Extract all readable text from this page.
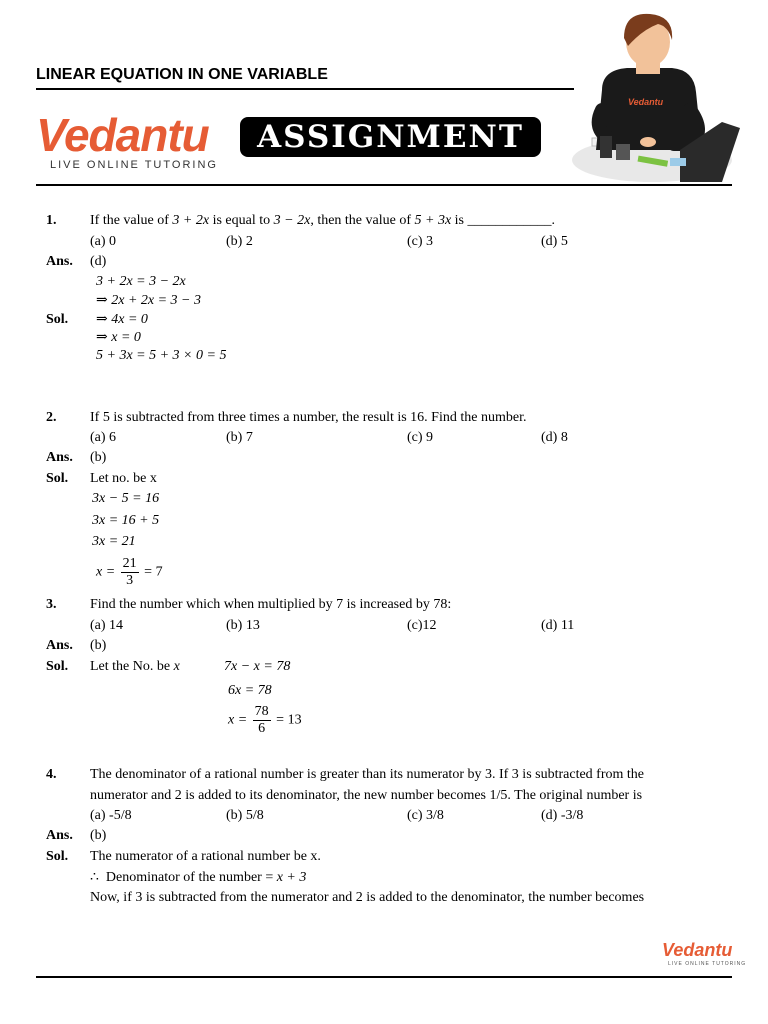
LINEAR EQUATION IN ONE VARIABLE
Vedantu
LIVE ONLINE TUTORING
ASSIGNMENT
Vedantu
1. If the value of 3 + 2x is equal to 3 − 2x, then the value of 5 + 3x is ____________.
(a) 0	(b) 2	(c) 3	(d) 5
Ans. (d)
3 + 2x = 3 − 2x
⇒ 2x + 2x = 3 − 3
Sol. ⇒ 4x = 0
⇒ x = 0
5 + 3x = 5 + 3 × 0 = 5
2. If 5 is subtracted from three times a number, the result is 16. Find the number.
(a) 6	(b) 7	(c) 9	(d) 8
Ans. (b)
Sol. Let no. be x
3x − 5 = 16
3x = 16 + 5
3x = 21
$x = \frac{21}{3} = 7$
3. Find the number which when multiplied by 7 is increased by 78:
(a) 14	(b) 13	(c)12	(d) 11
Ans. (b)
Sol. Let the No. be x	7x − x = 78
6x = 78
$x = \frac{78}{6} = 13$
4. The denominator of a rational number is greater than its numerator by 3. If 3 is subtracted from the
numerator and 2 is added to its denominator, the new number becomes 1/5. The original number is
(a) -5/8	(b) 5/8	(c) 3/8	(d) -3/8
Ans. (b)
Sol. The numerator of a rational number be x.
∴ Denominator of the number = x + 3
Now, if 3 is subtracted from the numerator and 2 is added to the denominator, the number becomes
Vedantu
LIVE ONLINE TUTORING
